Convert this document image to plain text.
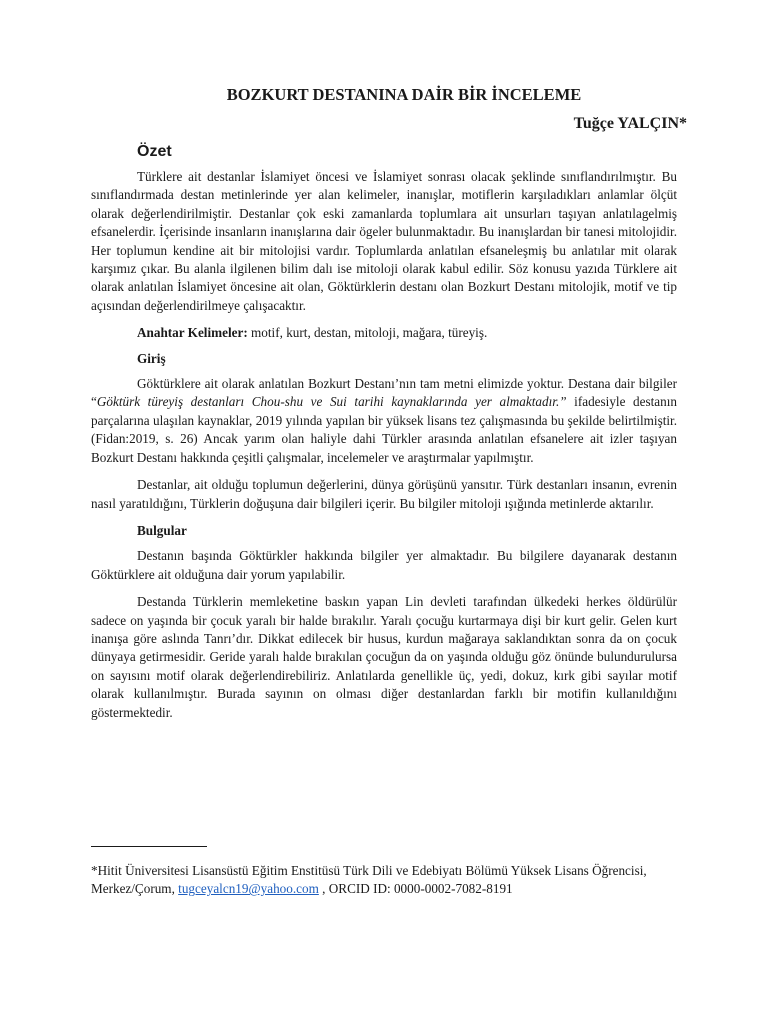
BOZKURT DESTANINA DAİR BİR İNCELEME
Tuğçe YALÇIN*
Özet

Türklere ait destanlar İslamiyet öncesi ve İslamiyet sonrası olacak şeklinde sınıflandırılmıştır. Bu sınıflandırmada destan metinlerinde yer alan kelimeler, inanışlar, motiflerin karşıladıkları anlamlar ölçüt olarak değerlendirilmiştir. Destanlar çok eski zamanlarda toplumlara ait unsurları taşıyan anlatılagelmiş efsanelerdir. İçerisinde insanların inanışlarına dair ögeler bulunmaktadır. Bu inanışlardan bir tanesi mitolojidir. Her toplumun kendine ait bir mitolojisi vardır. Toplumlarda anlatılan efsaneleşmiş bu anlatılar mit olarak karşımız çıkar. Bu alanla ilgilenen bilim dalı ise mitoloji olarak kabul edilir. Söz konusu yazıda Türklere ait olarak anlatılan İslamiyet öncesine ait olan, Göktürklerin destanı olan Bozkurt Destanı mitolojik, motif ve tip açısından değerlendirilmeye çalışacaktır.

Anahtar Kelimeler: motif, kurt, destan, mitoloji, mağara, türeyiş.
Giriş

Göktürklere ait olarak anlatılan Bozkurt Destanı’nın tam metni elimizde yoktur. Destana dair bilgiler “Göktürk türeyiş destanları Chou-shu ve Sui tarihi kaynaklarında yer almaktadır.” ifadesiyle destanın parçalarına ulaşılan kaynaklar, 2019 yılında yapılan bir yüksek lisans tez çalışmasında bu şekilde belirtilmiştir. (Fidan:2019, s. 26) Ancak yarım olan haliyle dahi Türkler arasında anlatılan efsanelere ait izler taşıyan Bozkurt Destanı hakkında çeşitli çalışmalar, incelemeler ve araştırmalar yapılmıştır.

Destanlar, ait olduğu toplumun değerlerini, dünya görüşünü yansıtır. Türk destanları insanın, evrenin nasıl yaratıldığını, Türklerin doğuşuna dair bilgileri içerir. Bu bilgiler mitoloji ışığında metinlerde aktarılır.

Bulgular

Destanın başında Göktürkler hakkında bilgiler yer almaktadır. Bu bilgilere dayanarak destanın Göktürklere ait olduğuna dair yorum yapılabilir.

Destanda Türklerin memleketine baskın yapan Lin devleti tarafından ülkedeki herkes öldürülür sadece on yaşında bir çocuk yaralı bir halde bırakılır. Yaralı çocuğu kurtarmaya dişi bir kurt gelir. Gelen kurt inanışa göre aslında Tanrı’dır. Dikkat edilecek bir husus, kurdun mağaraya saklandıktan sonra da on çocuk dünyaya getirmesidir. Geride yaralı halde bırakılan çocuğun da on yaşında olduğu göz önünde bulundurulursa on sayısını motif olarak değerlendirebiliriz. Anlatılarda genellikle üç, yedi, dokuz, kırk gibi sayılar motif olarak kullanılmıştır. Burada sayının on olması diğer destanlardan farklı bir motifin kullanıldığını göstermektedir.

*Hitit Üniversitesi Lisansüstü Eğitim Enstitüsü Türk Dili ve Edebiyatı Bölümü Yüksek Lisans Öğrencisi, Merkez/Çorum, tugceyalcn19@yahoo.com , ORCID ID: 0000-0002-7082-8191
